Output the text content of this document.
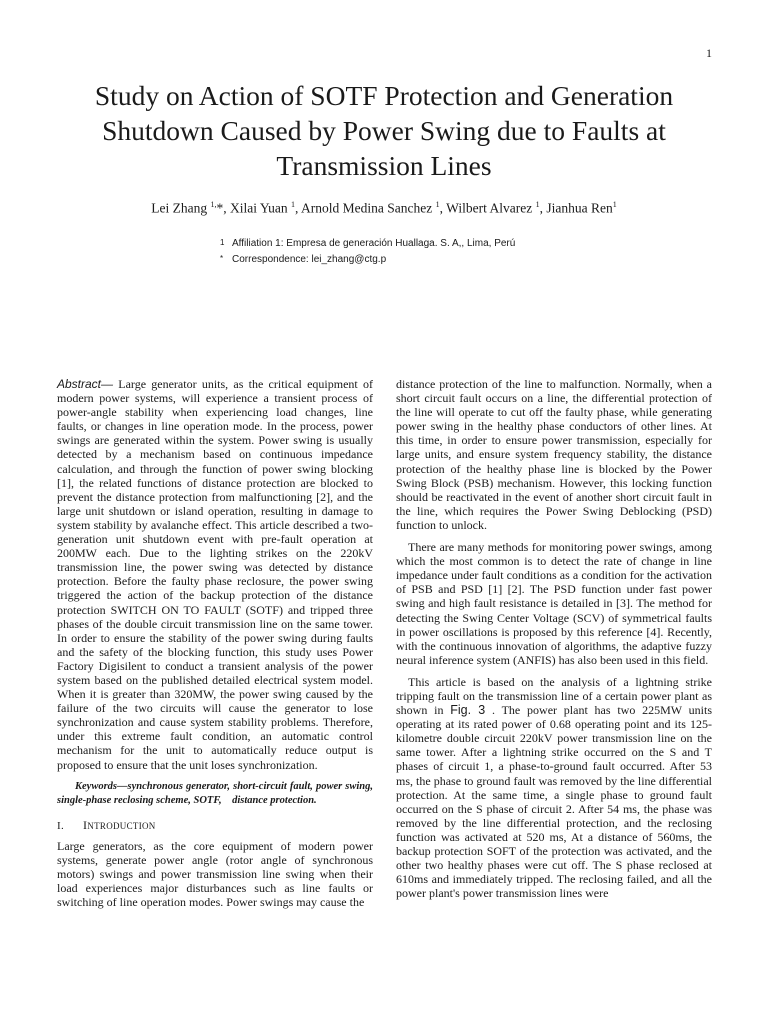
1
Study on Action of SOTF Protection and Generation Shutdown Caused by Power Swing due to Faults at Transmission Lines
Lei Zhang $^{1,}$*, Xilai Yuan $^1$, Arnold Medina Sanchez $^1$, Wilbert Alvarez $^1$, Jianhua Ren$^1$
1 Affiliation 1: Empresa de generación Huallaga. S. A,, Lima, Perú
* Correspondence: lei_zhang@ctg.p

Abstract— Large generator units, as the critical equipment of modern power systems, will experience a transient process of power-angle stability when experiencing load changes, line faults, or changes in line operation mode. In the process, power swings are generated within the system. Power swing is usually detected by a mechanism based on continuous impedance calculation, and through the function of power swing blocking [1], the related functions of distance protection are blocked to prevent the distance protection from malfunctioning [2], and the large unit shutdown or island operation, resulting in damage to system stability by avalanche effect. This article described a two-generation unit shutdown event with pre-fault operation at 200MW each. Due to the lighting strikes on the 220kV transmission line, the power swing was detected by distance protection. Before the faulty phase reclosure, the power swing triggered the action of the backup protection of the distance protection SWITCH ON TO FAULT (SOTF) and tripped three phases of the double circuit transmission line on the same tower. In order to ensure the stability of the power swing during faults and the safety of the blocking function, this study uses Power Factory Digisilent to conduct a transient analysis of the power system based on the published detailed electrical system model. When it is greater than 320MW, the power swing caused by the failure of the two circuits will cause the generator to lose synchronization and cause system stability problems. Therefore, under this extreme fault condition, an automatic control mechanism for the unit to automatically reduce output is proposed to ensure that the unit loses synchronization.

Keywords—synchronous generator, short-circuit fault, power swing, single-phase reclosing scheme, SOTF,　distance protection.

I. INTRODUCTION

Large generators, as the core equipment of modern power systems, generate power angle (rotor angle of synchronous motors) swings and power transmission line swing when their load experiences major disturbances such as line faults or switching of line operation modes. Power swings may cause the

distance protection of the line to malfunction. Normally, when a short circuit fault occurs on a line, the differential protection of the line will operate to cut off the faulty phase, while generating power swing in the healthy phase conductors of other lines. At this time, in order to ensure power transmission, especially for large units, and ensure system frequency stability, the distance protection of the healthy phase line is blocked by the Power Swing Block (PSB) mechanism. However, this locking function should be reactivated in the event of another short circuit fault in the line, which requires the Power Swing Deblocking (PSD) function to unlock.

There are many methods for monitoring power swings, among which the most common is to detect the rate of change in line impedance under fault conditions as a condition for the activation of PSB and PSD [1] [2]. The PSD function under fast power swing and high fault resistance is detailed in [3]. The method for detecting the Swing Center Voltage (SCV) of symmetrical faults in power oscillations is proposed by this reference [4]. Recently, with the continuous innovation of algorithms, the adaptive fuzzy neural inference system (ANFIS) has also been used in this field.

This article is based on the analysis of a lightning strike tripping fault on the transmission line of a certain power plant as shown in Fig. 3 . The power plant has two 225MW units operating at its rated power of 0.68 operating point and its 125-kilometre double circuit 220kV power transmission line on the same tower. After a lightning strike occurred on the S and T phases of circuit 1, a phase-to-ground fault occurred. After 53 ms, the phase to ground fault was removed by the line differential protection. At the same time, a single phase to ground fault occurred on the S phase of circuit 2. After 54 ms, the phase was removed by the line differential protection, and the reclosing function was activated at 520 ms, At a distance of 560ms, the backup protection SOFT of the protection was activated, and the other two healthy phases were cut off. The S phase reclosed at 610ms and immediately tripped. The reclosing failed, and all the power plant's power transmission lines were
